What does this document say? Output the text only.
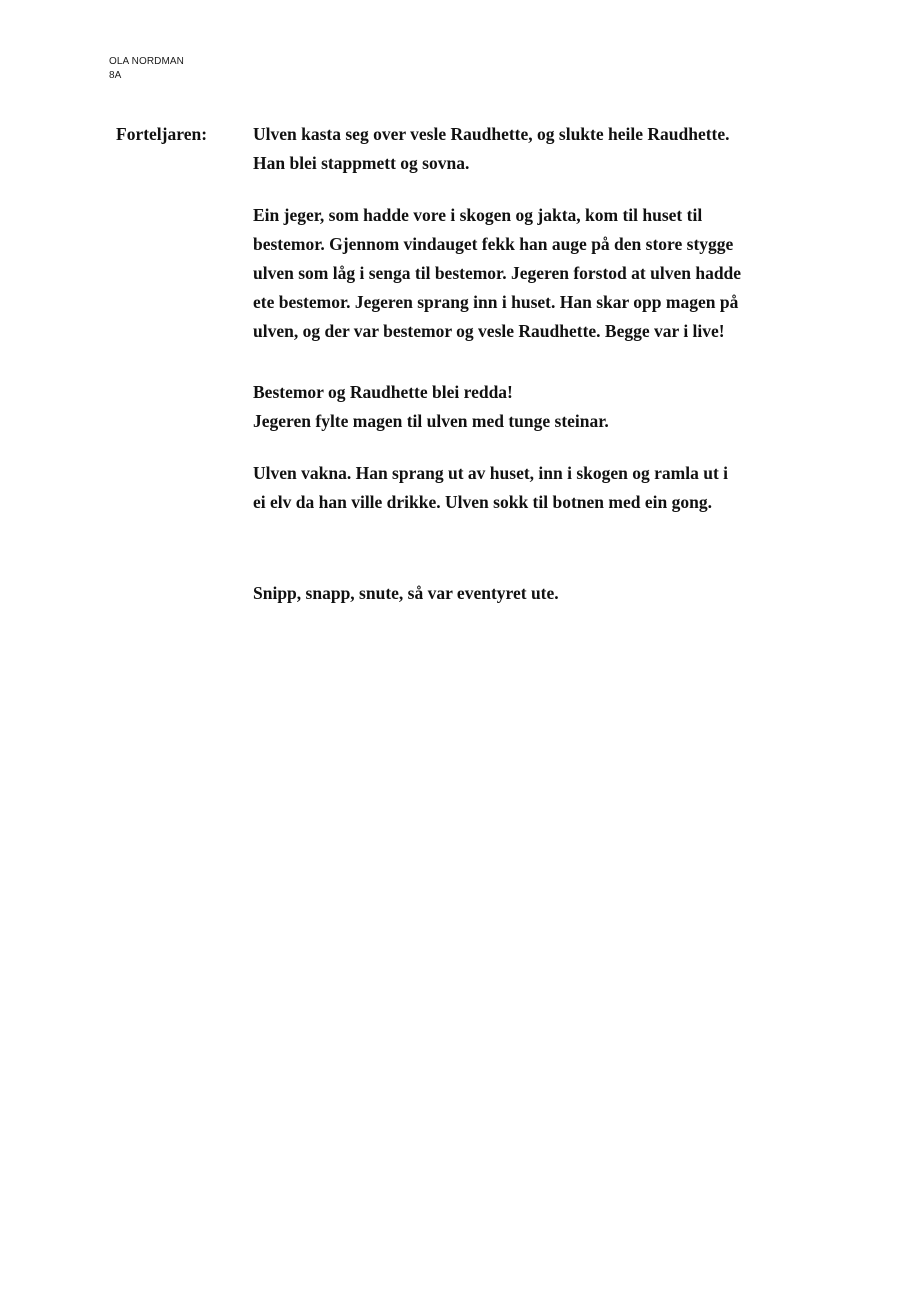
OLA NORDMAN
8A
Forteljaren:	Ulven kasta seg over vesle Raudhette, og slukte heile Raudhette.
Han blei stappmett og sovna.
Ein jeger, som hadde vore i skogen og jakta, kom til huset til
bestemor. Gjennom vindauget fekk han auge på den store stygge
ulven som låg i senga til bestemor. Jegeren forstod at ulven hadde
ete bestemor. Jegeren sprang inn i huset. Han skar opp magen på
ulven, og der var bestemor og vesle Raudhette. Begge var i live!
Bestemor og Raudhette blei redda!
Jegeren fylte magen til ulven med tunge steinar.
Ulven vakna. Han sprang ut av huset, inn i skogen og ramla ut i
ei elv da han ville drikke. Ulven sokk til botnen med ein gong.
Snipp, snapp, snute, så var eventyret ute.
